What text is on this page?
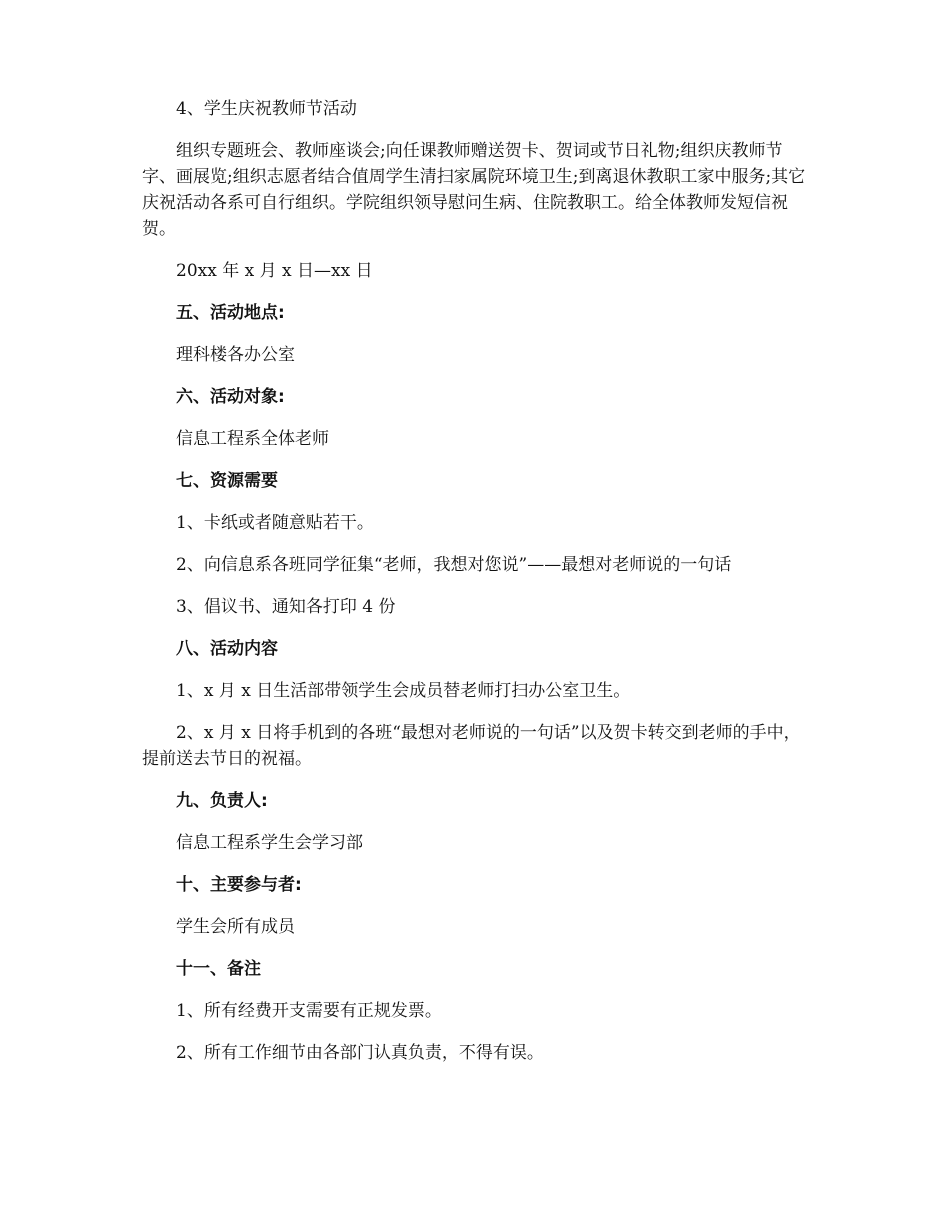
4、学生庆祝教师节活动

组织专题班会、教师座谈会;向任课教师赠送贺卡、贺词或节日礼物;组织庆教师节字、画展览;组织志愿者结合值周学生清扫家属院环境卫生;到离退休教职工家中服务;其它庆祝活动各系可自行组织。学院组织领导慰问生病、住院教职工。给全体教师发短信祝贺。

20xx 年 x 月 x 日—xx 日

五、活动地点:

理科楼各办公室

六、活动对象:

信息工程系全体老师

七、资源需要

1、卡纸或者随意贴若干。

2、向信息系各班同学征集“老师，我想对您说”——最想对老师说的一句话

3、倡议书、通知各打印 4 份

八、活动内容

1、x 月 x 日生活部带领学生会成员替老师打扫办公室卫生。

2、x 月 x 日将手机到的各班“最想对老师说的一句话”以及贺卡转交到老师的手中，提前送去节日的祝福。

九、负责人:

信息工程系学生会学习部

十、主要参与者:

学生会所有成员

十一、备注

1、所有经费开支需要有正规发票。

2、所有工作细节由各部门认真负责，不得有误。
